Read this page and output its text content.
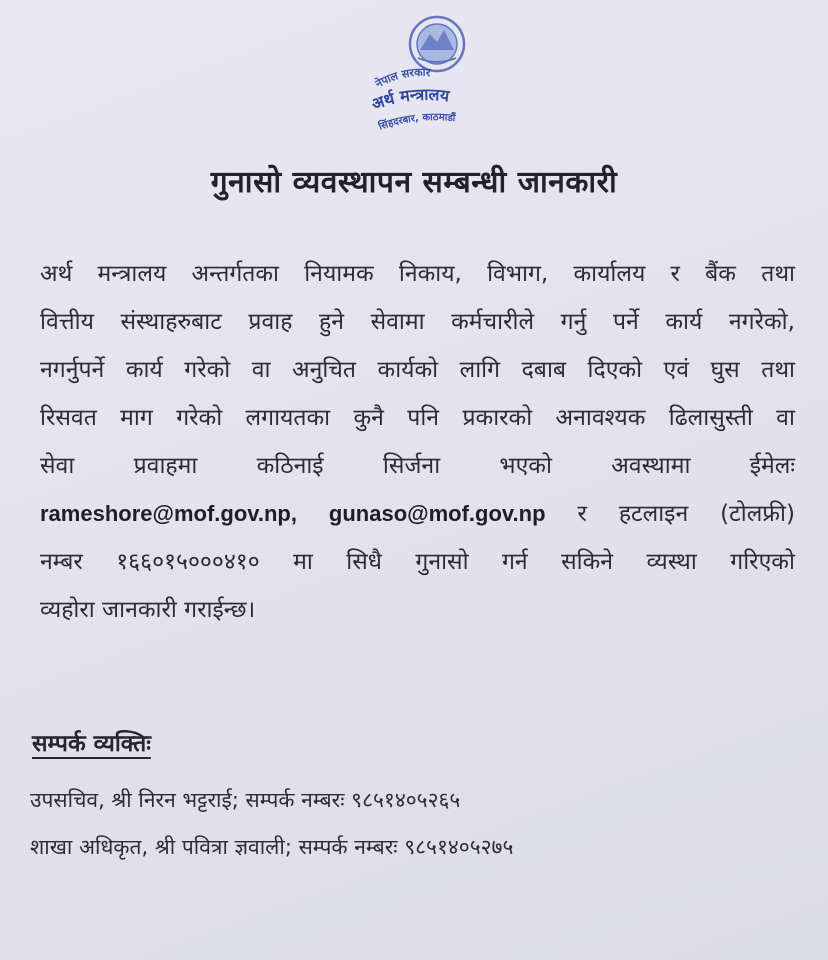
नेपाल सरकार
अर्थ मन्त्रालय
सिंहदरबार, काठमाडौं
गुनासो व्यवस्थापन सम्बन्धी जानकारी
अर्थ मन्त्रालय अन्तर्गतका नियामक निकाय, विभाग, कार्यालय र बैंक तथा
वित्तीय संस्थाहरुबाट प्रवाह हुने सेवामा कर्मचारीले गर्नु पर्ने कार्य नगरेको,
नगर्नुपर्ने कार्य गरेको वा अनुचित कार्यको लागि दबाब दिएको एवं घुस तथा
रिसवत माग गरेको लगायतका कुनै पनि प्रकारको अनावश्यक ढिलासुस्ती वा
सेवा	प्रवाहमा	कठिनाई	सिर्जना	भएको	अवस्थामा	ईमेलः
rameshore@mof.gov.np, gunaso@mof.gov.np र हटलाइन (टोलफ्री)
नम्बर १६६०१५०००४१० मा सिधै गुनासो गर्न सकिने व्यस्था गरिएको
व्यहोरा जानकारी गराईन्छ।
सम्पर्क व्यक्तिः
उपसचिव, श्री निरन भट्टराई; सम्पर्क नम्बरः ९८५१४०५२६५
शाखा अधिकृत, श्री पवित्रा ज्ञवाली; सम्पर्क नम्बरः ९८५१४०५२७५
